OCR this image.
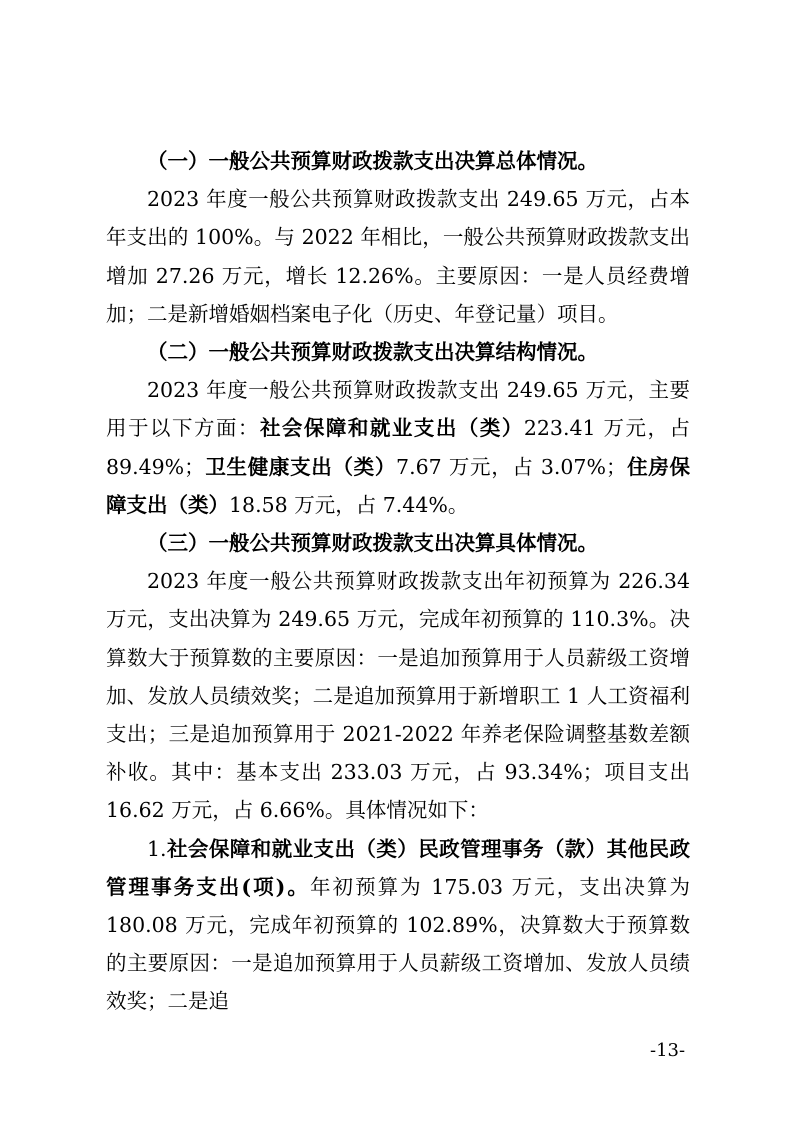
（一）一般公共预算财政拨款支出决算总体情况。

2023 年度一般公共预算财政拨款支出 249.65 万元，占本年支出的 100%。与 2022 年相比，一般公共预算财政拨款支出增加 27.26 万元，增长 12.26%。主要原因：一是人员经费增加；二是新增婚姻档案电子化（历史、年登记量）项目。

（二）一般公共预算财政拨款支出决算结构情况。

2023 年度一般公共预算财政拨款支出 249.65 万元，主要用于以下方面：社会保障和就业支出（类）223.41 万元，占 89.49%；卫生健康支出（类）7.67 万元，占 3.07%；住房保障支出（类）18.58 万元，占 7.44%。

（三）一般公共预算财政拨款支出决算具体情况。

2023 年度一般公共预算财政拨款支出年初预算为 226.34 万元，支出决算为 249.65 万元，完成年初预算的 110.3%。决算数大于预算数的主要原因：一是追加预算用于人员薪级工资增加、发放人员绩效奖；二是追加预算用于新增职工 1 人工资福利支出；三是追加预算用于 2021-2022 年养老保险调整基数差额补收。其中：基本支出 233.03 万元，占 93.34%；项目支出 16.62 万元，占 6.66%。具体情况如下：

1.社会保障和就业支出（类）民政管理事务（款）其他民政管理事务支出(项)。年初预算为 175.03 万元，支出决算为 180.08 万元，完成年初预算的 102.89%，决算数大于预算数的主要原因：一是追加预算用于人员薪级工资增加、发放人员绩效奖；二是追

-13-
